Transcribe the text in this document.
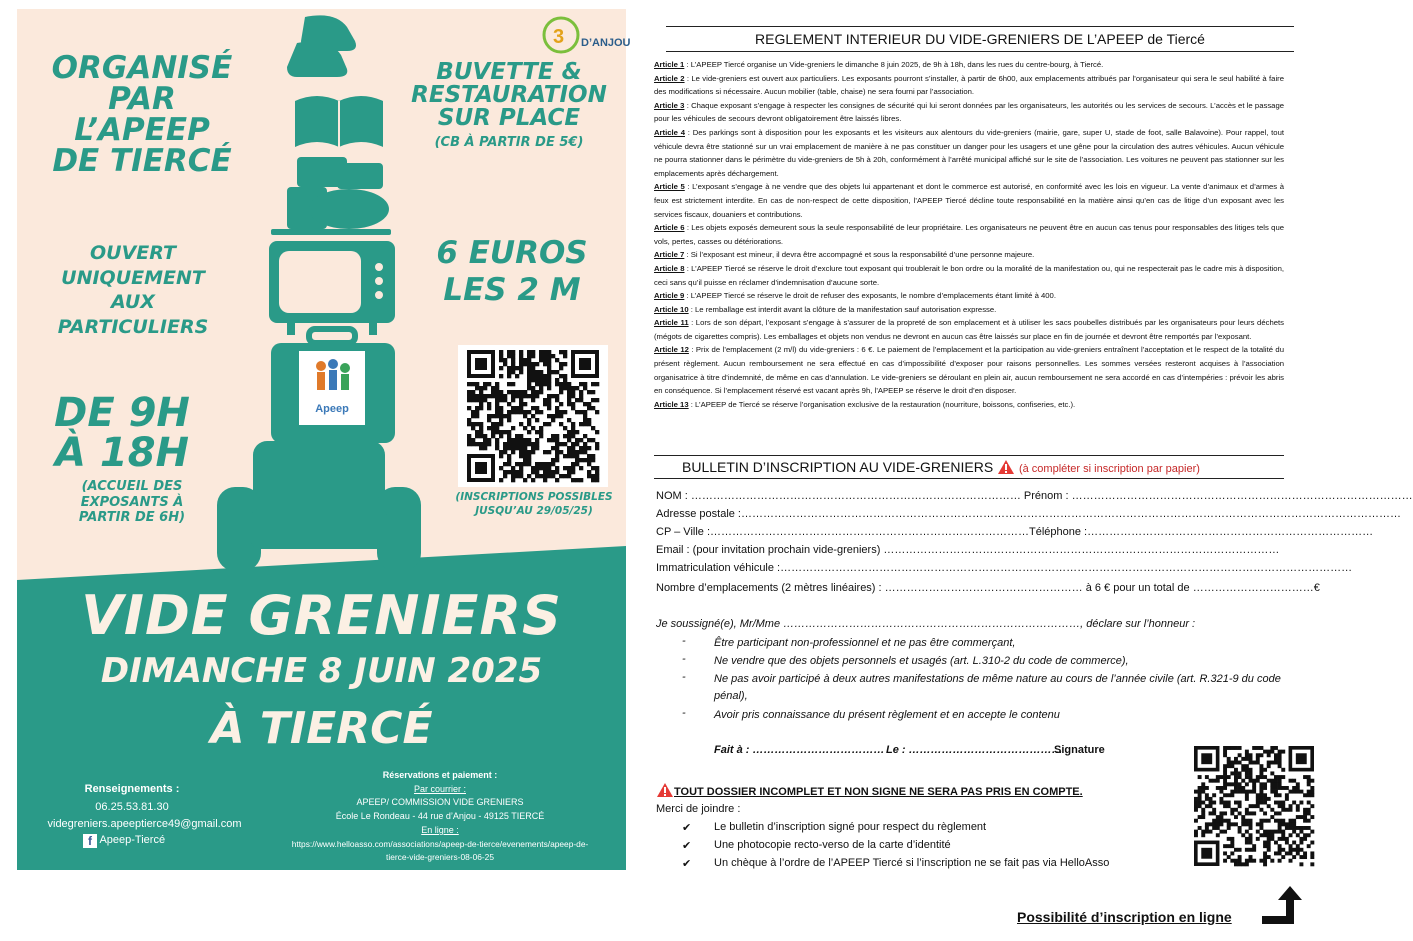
Apeep
3 D’ANJOU
ORGANISÉ
PAR
L’APEEP
DE TIERCÉ
OUVERT
UNIQUEMENT
AUX
PARTICULIERS
DE 9H
À 18H
(ACCUEIL DES
EXPOSANTS À
PARTIR DE 6H)
BUVETTE &
RESTAURATION
SUR PLACE
(CB À PARTIR DE 5€)
6 EUROS
LES 2 M
(INSCRIPTIONS POSSIBLES
JUSQU’AU 29/05/25)
VIDE GRENIERS
DIMANCHE 8 JUIN 2025
À TIERCÉ
Renseignements :
06.25.53.81.30
videgreniers.apeeptierce49@gmail.com
f Apeep-Tiercé
Réservations et paiement :
Par courrier :
APEEP/ COMMISSION VIDE GRENIERS
École Le Rondeau - 44 rue d’Anjou - 49125 TIERCÉ
En ligne :
https://www.helloasso.com/associations/apeep-de-tierce/evenements/apeep-de-
tierce-vide-greniers-08-06-25
REGLEMENT INTERIEUR DU VIDE-GRENIERS DE L’APEEP de Tiercé

Article 1 : L’APEEP Tiercé organise un Vide-greniers le dimanche 8 juin 2025, de 9h à 18h, dans les rues du centre-bourg, à Tiercé.

Article 2 : Le vide-greniers est ouvert aux particuliers. Les exposants pourront s’installer, à partir de 6h00, aux emplacements attribués par l’organisateur qui sera le seul habilité à faire des modifications si nécessaire. Aucun mobilier (table, chaise) ne sera fourni par l’association.

Article 3 : Chaque exposant s’engage à respecter les consignes de sécurité qui lui seront données par les organisateurs, les autorités ou les services de secours. L’accès et le passage pour les véhicules de secours devront obligatoirement être laissés libres.

Article 4 : Des parkings sont à disposition pour les exposants et les visiteurs aux alentours du vide-greniers (mairie, gare, super U, stade de foot, salle Balavoine). Pour rappel, tout véhicule devra être stationné sur un vrai emplacement de manière à ne pas constituer un danger pour les usagers et une gêne pour la circulation des autres véhicules. Aucun véhicule ne pourra stationner dans le périmètre du vide-greniers de 5h à 20h, conformément à l’arrêté municipal affiché sur le site de l’association. Les voitures ne peuvent pas stationner sur les emplacements après déchargement.

Article 5 : L’exposant s’engage à ne vendre que des objets lui appartenant et dont le commerce est autorisé, en conformité avec les lois en vigueur. La vente d’animaux et d’armes à feux est strictement interdite. En cas de non-respect de cette disposition, l’APEEP Tiercé décline toute responsabilité en la matière ainsi qu’en cas de litige d’un exposant avec les services fiscaux, douaniers et contributions.

Article 6 : Les objets exposés demeurent sous la seule responsabilité de leur propriétaire. Les organisateurs ne peuvent être en aucun cas tenus pour responsables des litiges tels que vols, pertes, casses ou détériorations.

Article 7 : Si l’exposant est mineur, il devra être accompagné et sous la responsabilité d’une personne majeure.

Article 8 : L’APEEP Tiercé se réserve le droit d’exclure tout exposant qui troublerait le bon ordre ou la moralité de la manifestation ou, qui ne respecterait pas le cadre mis à disposition, ceci sans qu’il puisse en réclamer d’indemnisation d’aucune sorte.

Article 9 : L’APEEP Tiercé se réserve le droit de refuser des exposants, le nombre d’emplacements étant limité à 400.

Article 10 : Le remballage est interdit avant la clôture de la manifestation sauf autorisation expresse.

Article 11 : Lors de son départ, l’exposant s’engage à s’assurer de la propreté de son emplacement et à utiliser les sacs poubelles distribués par les organisateurs pour leurs déchets (mégots de cigarettes compris). Les emballages et objets non vendus ne devront en aucun cas être laissés sur place en fin de journée et devront être remportés par l’exposant.

Article 12 : Prix de l’emplacement (2 m/l) du vide-greniers : 6 €. Le paiement de l’emplacement et la participation au vide-greniers entraînent l’acceptation et le respect de la totalité du présent règlement. Aucun remboursement ne sera effectué en cas d’impossibilité d’exposer pour raisons personnelles. Les sommes versées resteront acquises à l’association organisatrice à titre d’indemnité, de même en cas d’annulation. Le vide-greniers se déroulant en plein air, aucun remboursement ne sera accordé en cas d’intempéries : prévoir les abris en conséquence. Si l’emplacement réservé est vacant après 9h, l’APEEP se réserve le droit d’en disposer.

Article 13 : L’APEEP de Tiercé se réserve l’organisation exclusive de la restauration (nourriture, boissons, confiseries, etc.).

BULLETIN D’INSCRIPTION AU VIDE-GRENIERS (à compléter si inscription par papier)
NOM : ……………………………………………………………………………… Prénom : …………………………………………………………………………………
Adresse postale :………………………………………………………………………………………………………………………………………………………………
CP – Ville :……………………………………………………………………………Téléphone :……………………………………………………………………
Email : (pour invitation prochain vide-greniers) ………………………………………………………………………………………………
Immatriculation véhicule :…………………………………………………………………………………………………………………………………………
Nombre d’emplacements (2 mètres linéaires) : ……………………………………………… à 6 € pour un total de ……………………………€
Je soussigné(e), Mr/Mme ………………………………………………………………………, déclare sur l’honneur :
-	Être participant non-professionnel et ne pas être commerçant,
-	Ne vendre que des objets personnels et usagés (art. L.310-2 du code de commerce),
-	Ne pas avoir participé à deux autres manifestations de même nature au cours de l’année civile (art. R.321-9 du code pénal),
-	Avoir pris connaissance du présent règlement et en accepte le contenu
Fait à : ……………………………… Le : ……………………………………
Signature
TOUT DOSSIER INCOMPLET ET NON SIGNE NE SERA PAS PRIS EN COMPTE.
Merci de joindre :
✔ Le bulletin d’inscription signé pour respect du règlement
✔ Une photocopie recto-verso de la carte d’identité
✔ Un chèque à l’ordre de l’APEEP Tiercé si l’inscription ne se fait pas via HelloAsso
Possibilité d’inscription en ligne
